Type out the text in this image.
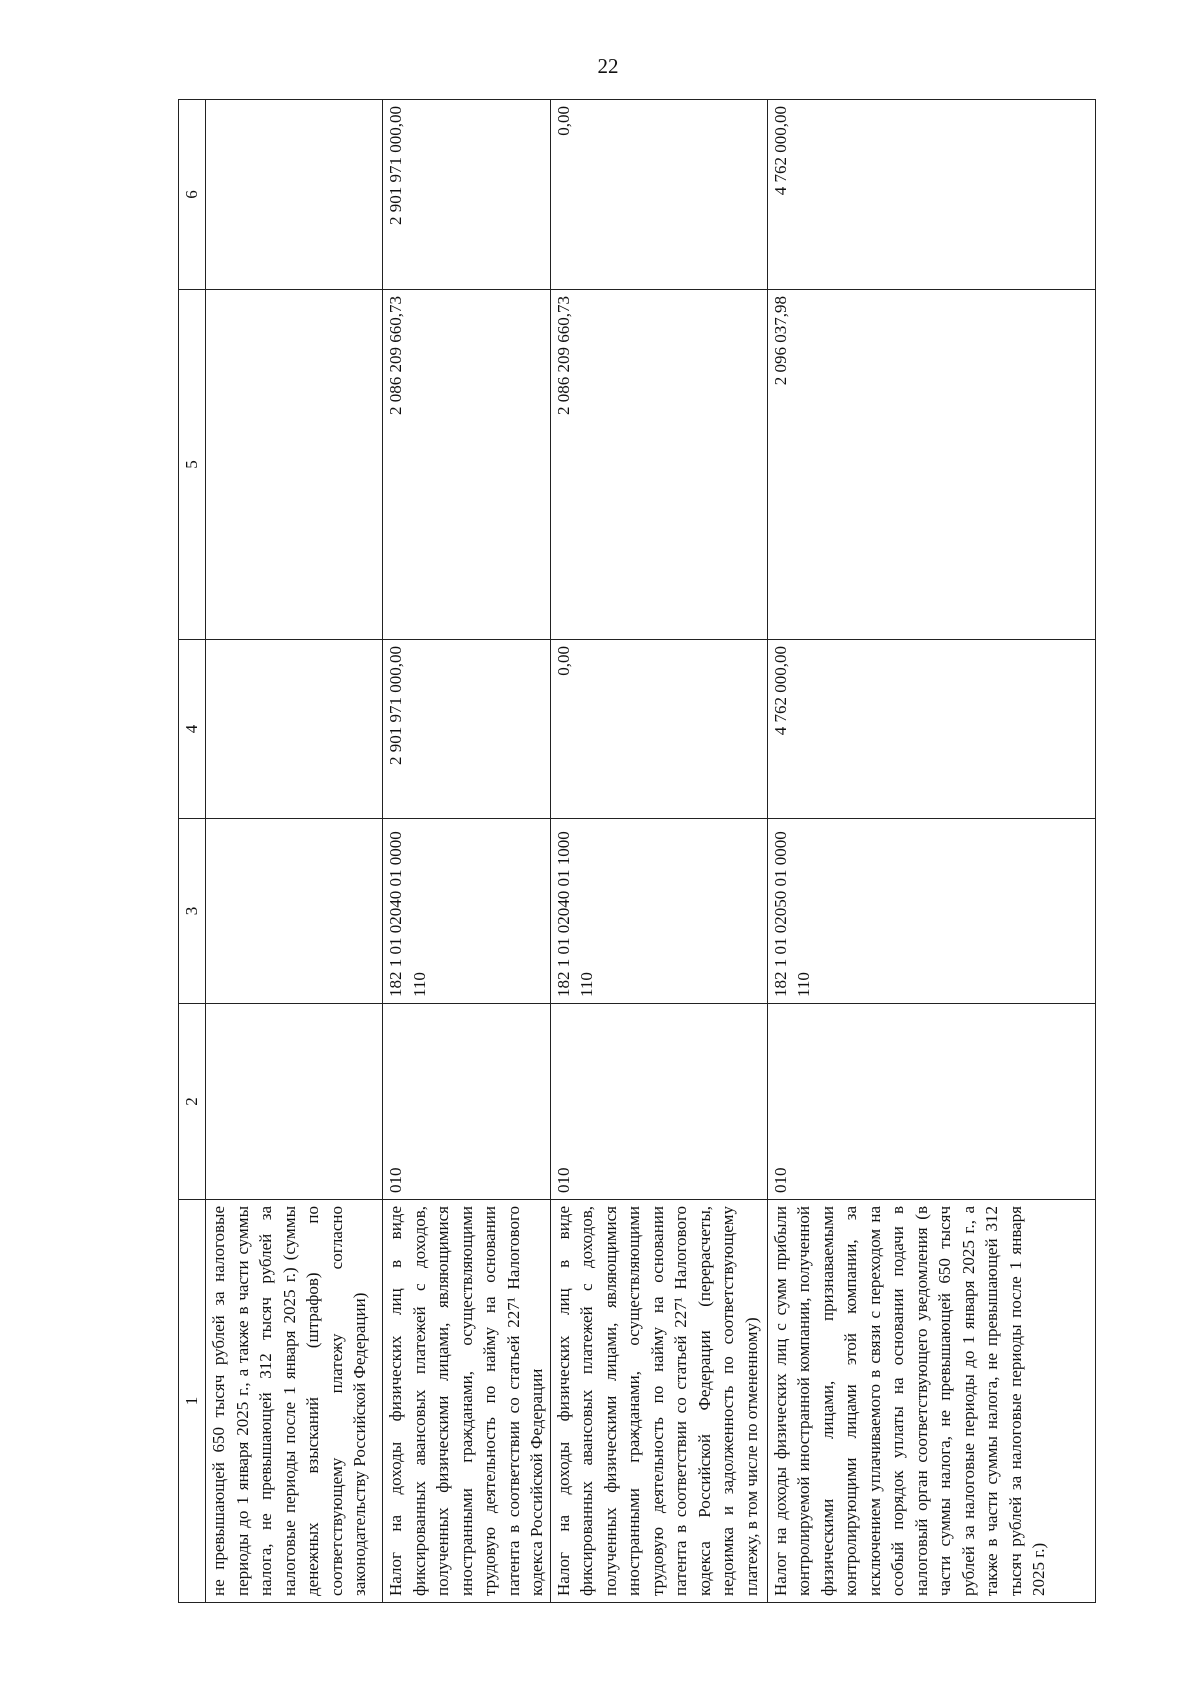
22
1	2	3	4	5	6
не превышающей 650 тысяч рублей за налоговые периоды до 1 января 2025 г., а также в части суммы налога, не превышающей 312 тысяч рублей за налоговые периоды после 1 января 2025 г.) (суммы денежных взысканий (штрафов) по соответствующему платежу согласно законодательству Российской Федерации)					
Налог на доходы физических лиц в виде фиксированных авансовых платежей с доходов, полученных физическими лицами, являющимися иностранными гражданами, осуществляющими трудовую деятельность по найму на основании патента в соответствии со статьей 227¹ Налогового кодекса Российской Федерации	010	182 1 01 02040 01 0000 110	2 901 971 000,00	2 086 209 660,73	2 901 971 000,00
Налог на доходы физических лиц в виде фиксированных авансовых платежей с доходов, полученных физическими лицами, являющимися иностранными гражданами, осуществляющими трудовую деятельность по найму на основании патента в соответствии со статьей 227¹ Налогового кодекса Российской Федерации (перерасчеты, недоимка и задолженность по соответствующему платежу, в том числе по отмененному)	010	182 1 01 02040 01 1000 110	0,00	2 086 209 660,73	0,00
Налог на доходы физических лиц с сумм прибыли контролируемой иностранной компании, полученной физическими лицами, признаваемыми контролирующими лицами этой компании, за исключением уплачиваемого в связи с переходом на особый порядок уплаты на основании подачи в налоговый орган соответствующего уведомления (в части суммы налога, не превышающей 650 тысяч рублей за налоговые периоды до 1 января 2025 г., а также в части суммы налога, не превышающей 312 тысяч рублей за налоговые периоды после 1 января 2025 г.)	010	182 1 01 02050 01 0000 110	4 762 000,00	2 096 037,98	4 762 000,00
